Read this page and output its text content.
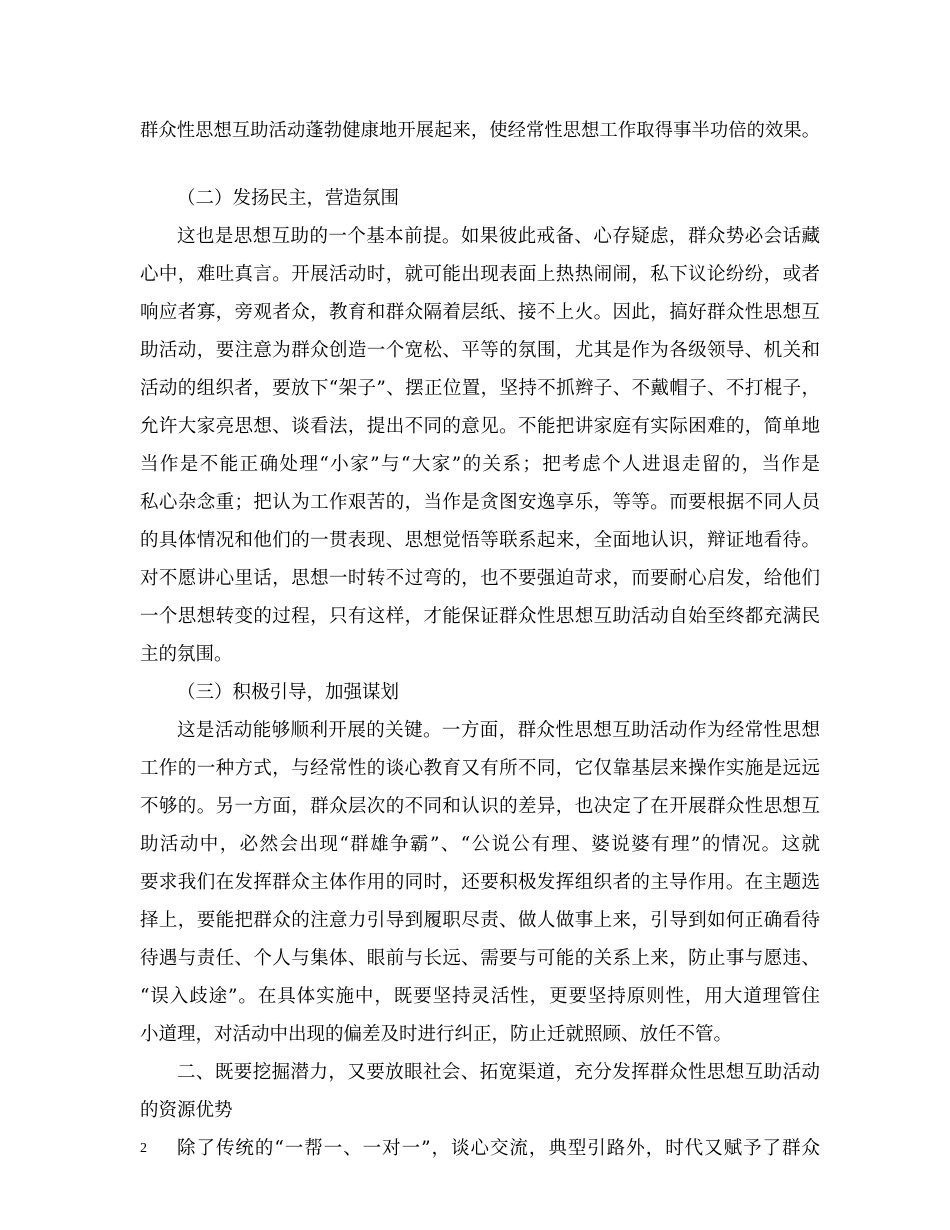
群众性思想互助活动蓬勃健康地开展起来，使经常性思想工作取得事半功倍的效果。
（二）发扬民主，营造氛围
这也是思想互助的一个基本前提。如果彼此戒备、心存疑虑，群众势必会话藏
心中，难吐真言。开展活动时，就可能出现表面上热热闹闹，私下议论纷纷，或者
响应者寡，旁观者众，教育和群众隔着层纸、接不上火。因此，搞好群众性思想互
助活动，要注意为群众创造一个宽松、平等的氛围，尤其是作为各级领导、机关和
活动的组织者，要放下“架子”、摆正位置，坚持不抓辫子、不戴帽子、不打棍子，
允许大家亮思想、谈看法，提出不同的意见。不能把讲家庭有实际困难的，简单地
当作是不能正确处理“小家”与“大家”的关系；把考虑个人进退走留的，当作是
私心杂念重；把认为工作艰苦的，当作是贪图安逸享乐，等等。而要根据不同人员
的具体情况和他们的一贯表现、思想觉悟等联系起来，全面地认识，辩证地看待。
对不愿讲心里话，思想一时转不过弯的，也不要强迫苛求，而要耐心启发，给他们
一个思想转变的过程，只有这样，才能保证群众性思想互助活动自始至终都充满民
主的氛围。
（三）积极引导，加强谋划
这是活动能够顺利开展的关键。一方面，群众性思想互助活动作为经常性思想
工作的一种方式，与经常性的谈心教育又有所不同，它仅靠基层来操作实施是远远
不够的。另一方面，群众层次的不同和认识的差异，也决定了在开展群众性思想互
助活动中，必然会出现“群雄争霸”、“公说公有理、婆说婆有理”的情况。这就
要求我们在发挥群众主体作用的同时，还要积极发挥组织者的主导作用。在主题选
择上，要能把群众的注意力引导到履职尽责、做人做事上来，引导到如何正确看待
待遇与责任、个人与集体、眼前与长远、需要与可能的关系上来，防止事与愿违、
“误入歧途”。在具体实施中，既要坚持灵活性，更要坚持原则性，用大道理管住
小道理，对活动中出现的偏差及时进行纠正，防止迁就照顾、放任不管。
二、既要挖掘潜力，又要放眼社会、拓宽渠道，充分发挥群众性思想互助活动
的资源优势
除了传统的“一帮一、一对一”，谈心交流，典型引路外，时代又赋予了群众
2
